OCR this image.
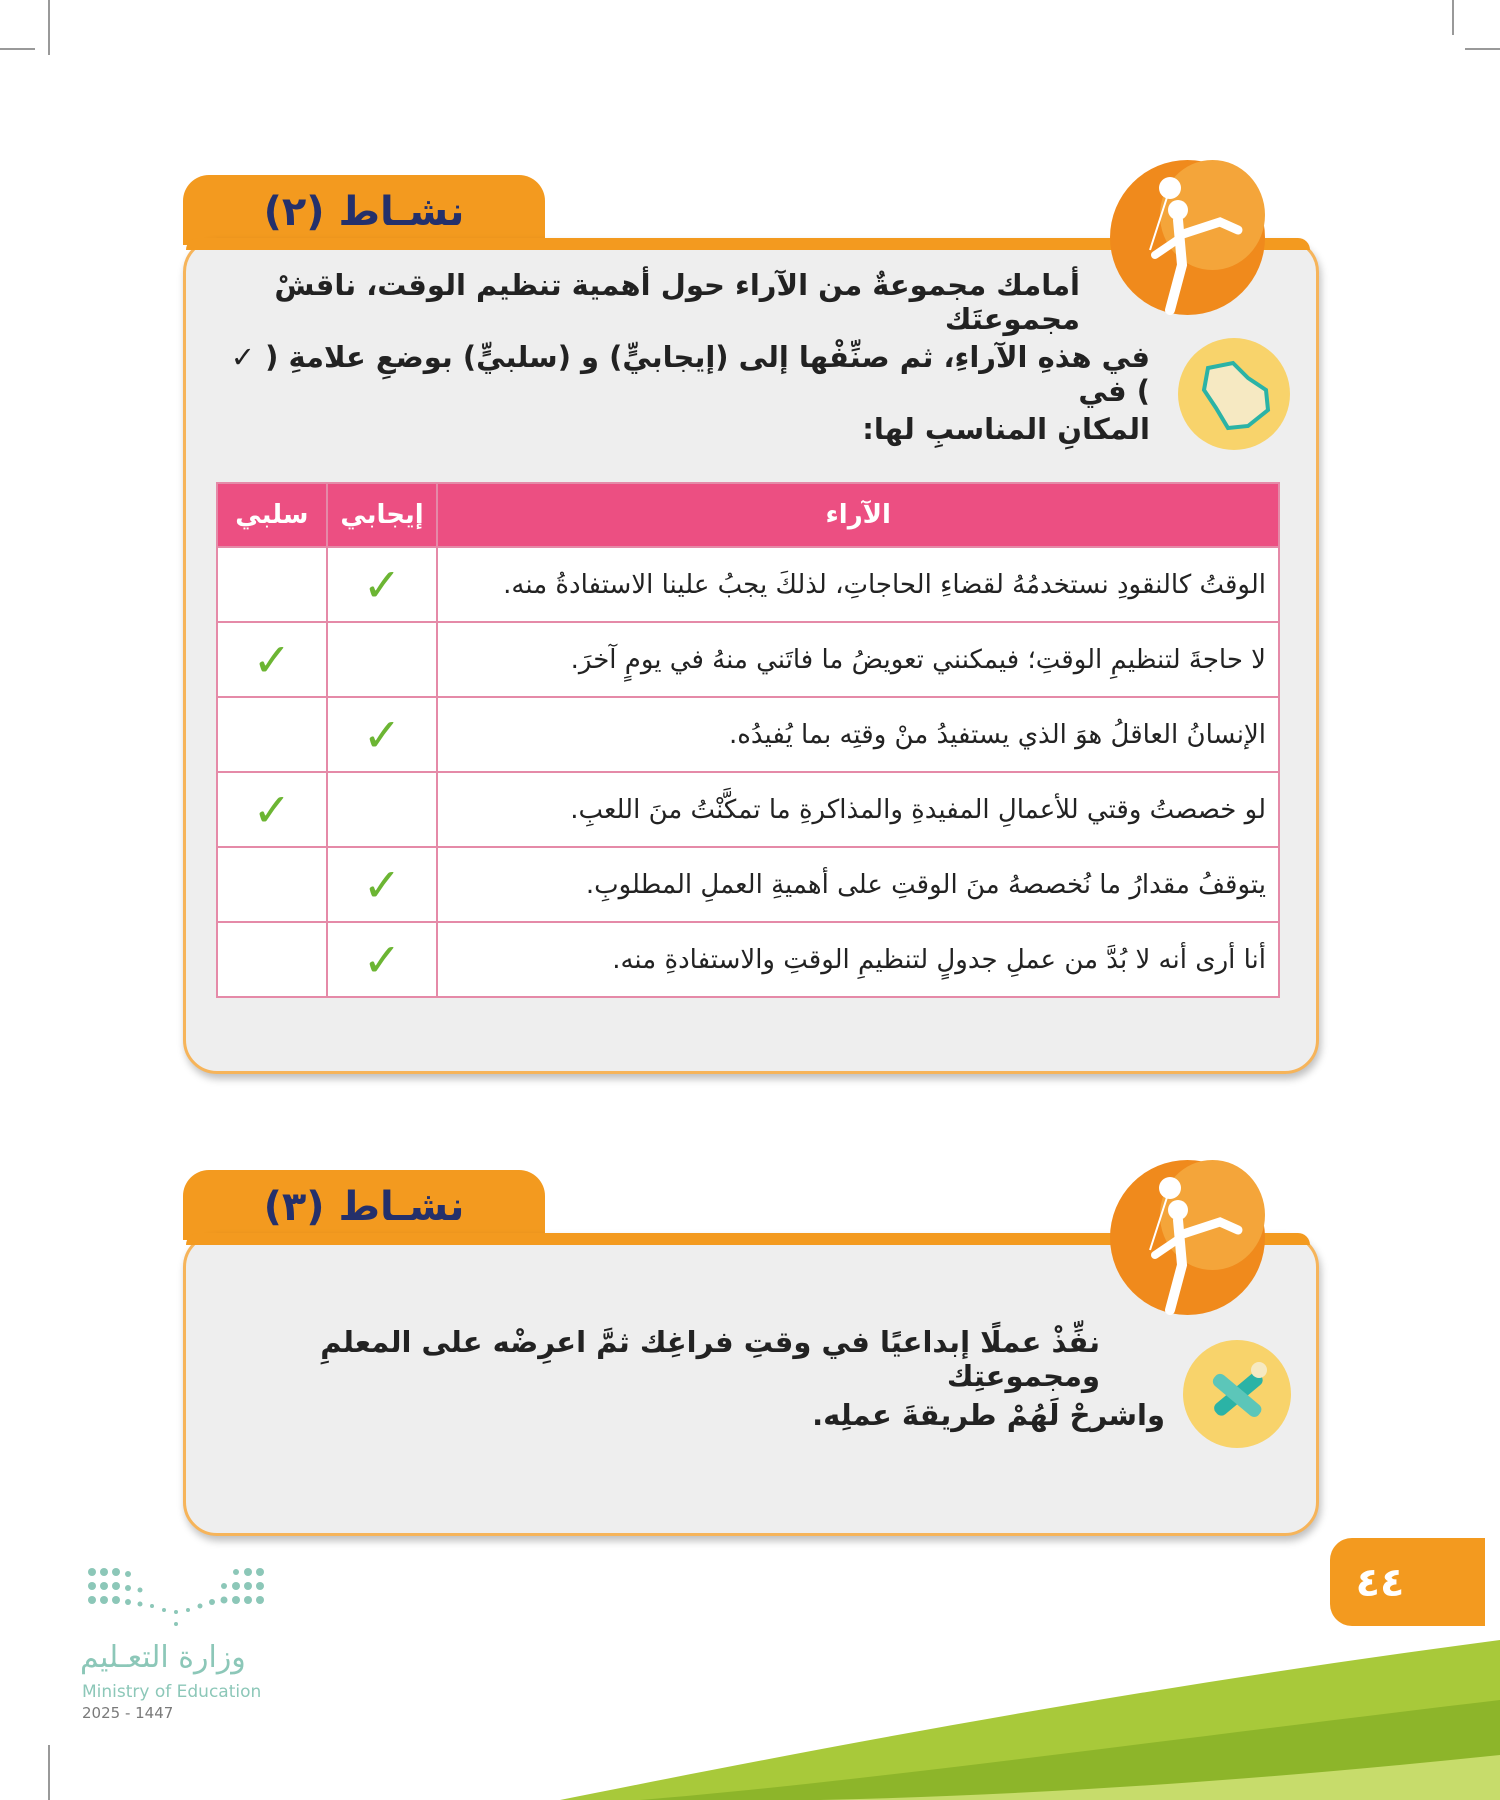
نشـاط (٢)
أمامك مجموعةٌ من الآراء حول أهمية تنظيم الوقت، ناقشْ مجموعتَك
في هذهِ الآراءِ، ثم صنِّفْها إلى (إيجابيٍّ) و (سلبيٍّ) بوضعِ علامةِ ( ✓ ) في
المكانِ المناسبِ لها:
الآراء	إيجابي	سلبي
الوقتُ كالنقودِ نستخدمُهُ لقضاءِ الحاجاتِ، لذلكَ يجبُ علينا الاستفادةُ منه.	✓	
لا حاجةَ لتنظيمِ الوقتِ؛ فيمكنني تعويضُ ما فاتَني منهُ في يومٍ آخرَ.		✓
الإنسانُ العاقلُ هوَ الذي يستفيدُ منْ وقتِه بما يُفيدُه.	✓	
لو خصصتُ وقتي للأعمالِ المفيدةِ والمذاكرةِ ما تمكَّنْتُ منَ اللعبِ.		✓
يتوقفُ مقدارُ ما نُخصصهُ منَ الوقتِ على أهميةِ العملِ المطلوبِ.	✓	
أنا أرى أنه لا بُدَّ من عملِ جدولٍ لتنظيمِ الوقتِ والاستفادةِ منه.	✓	
نشـاط (٣)
نفِّذْ عملًا إبداعيًا في وقتِ فراغِك ثمَّ اعرِضْه على المعلمِ ومجموعتِك
واشرحْ لَهُمْ طريقةَ عملِه.
٤٤
وزارة التعـليم
Ministry of Education
2025 - 1447
